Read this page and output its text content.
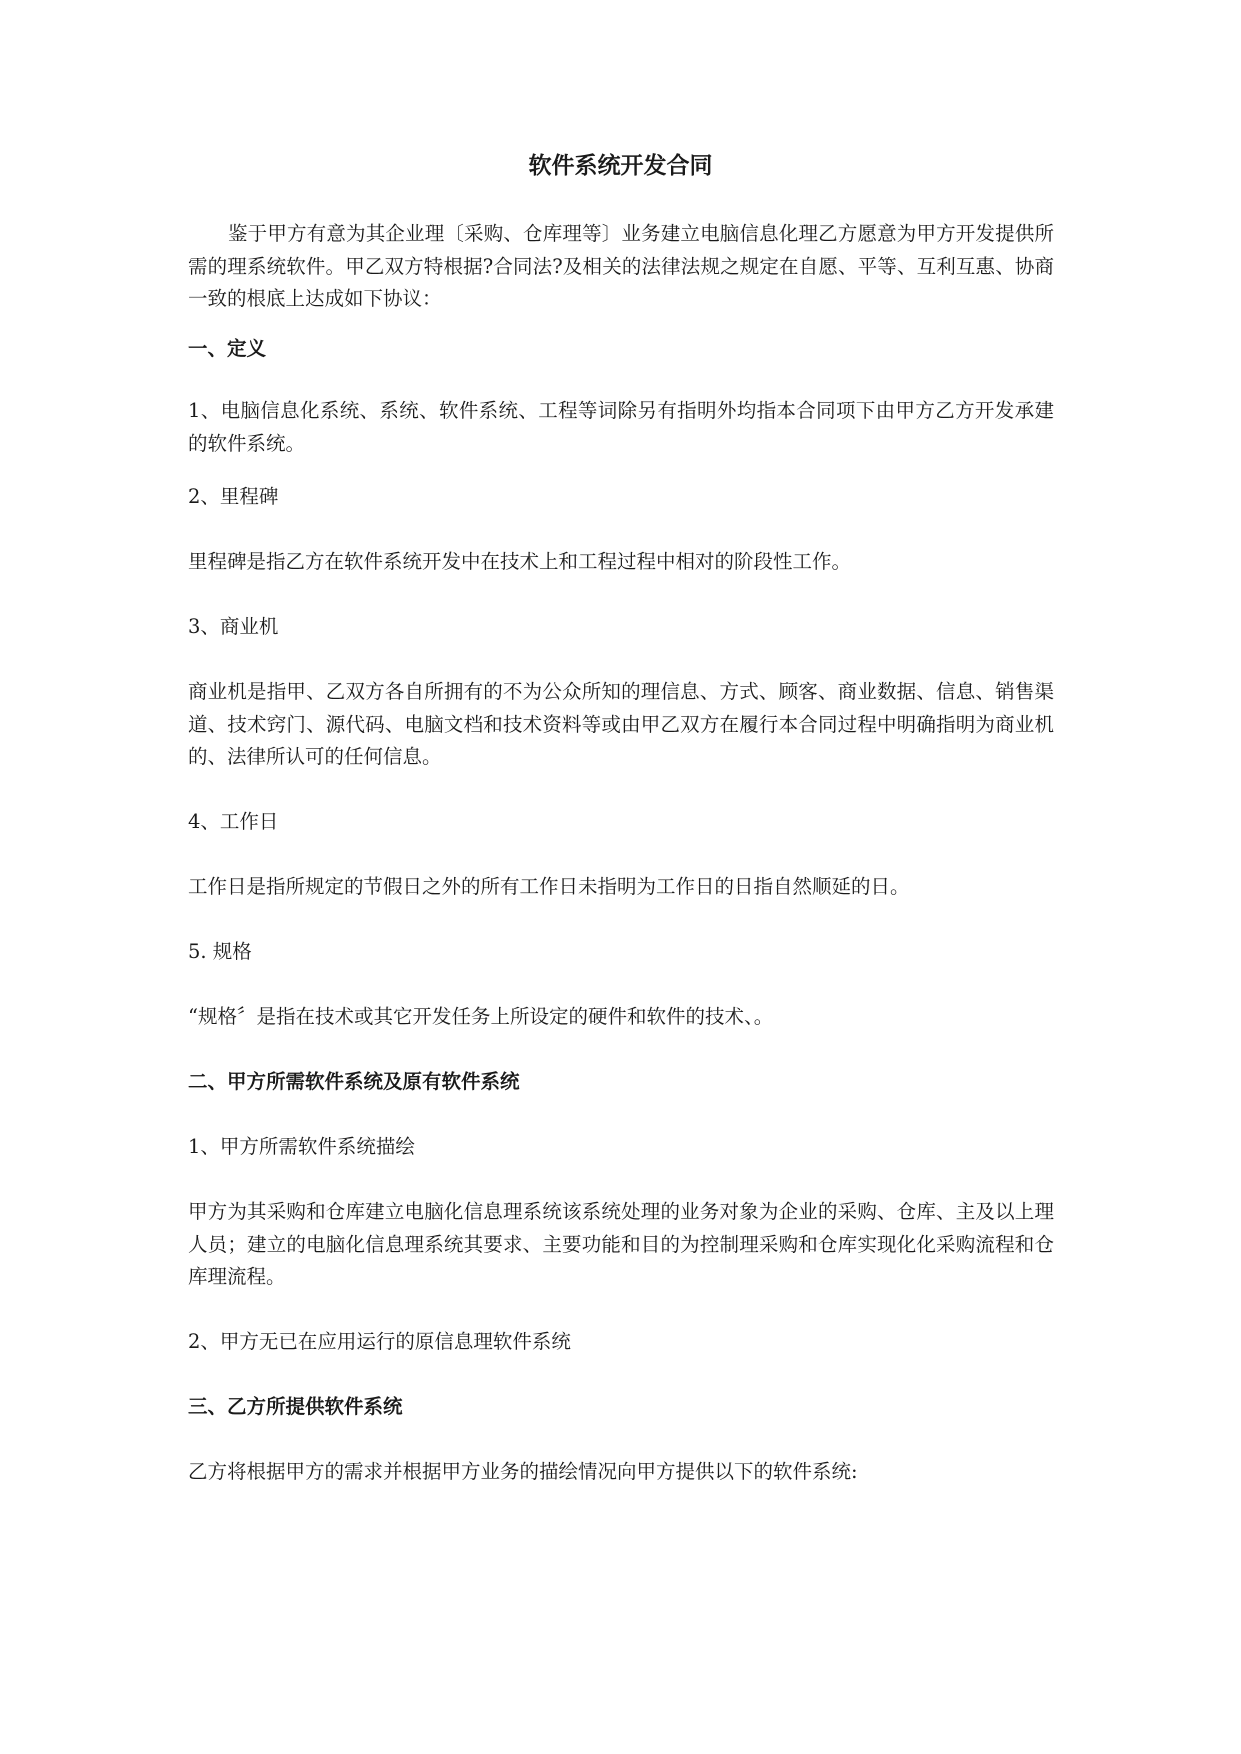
软件系统开发合同

鉴于甲方有意为其企业理〔采购、仓库理等〕业务建立电脑信息化理乙方愿意为甲方开发提供所需的理系统软件。甲乙双方特根据?合同法?及相关的法律法规之规定在自愿、平等、互利互惠、协商一致的根底上达成如下协议：

一、定义

1、电脑信息化系统、系统、软件系统、工程等词除另有指明外均指本合同项下由甲方乙方开发承建的软件系统。

2、里程碑

里程碑是指乙方在软件系统开发中在技术上和工程过程中相对的阶段性工作。

3、商业机

商业机是指甲、乙双方各自所拥有的不为公众所知的理信息、方式、顾客、商业数据、信息、销售渠道、技术窍门、源代码、电脑文档和技术资料等或由甲乙双方在履行本合同过程中明确指明为商业机的、法律所认可的任何信息。

4、工作日

工作日是指所规定的节假日之外的所有工作日未指明为工作日的日指自然顺延的日。

5. 规格

“规格〞是指在技术或其它开发任务上所设定的硬件和软件的技术、。

二、甲方所需软件系统及原有软件系统

1、甲方所需软件系统描绘

甲方为其采购和仓库建立电脑化信息理系统该系统处理的业务对象为企业的采购、仓库、主及以上理人员；建立的电脑化信息理系统其要求、主要功能和目的为控制理采购和仓库实现化化采购流程和仓库理流程。

2、甲方无已在应用运行的原信息理软件系统

三、乙方所提供软件系统

乙方将根据甲方的需求并根据甲方业务的描绘情况向甲方提供以下的软件系统:
